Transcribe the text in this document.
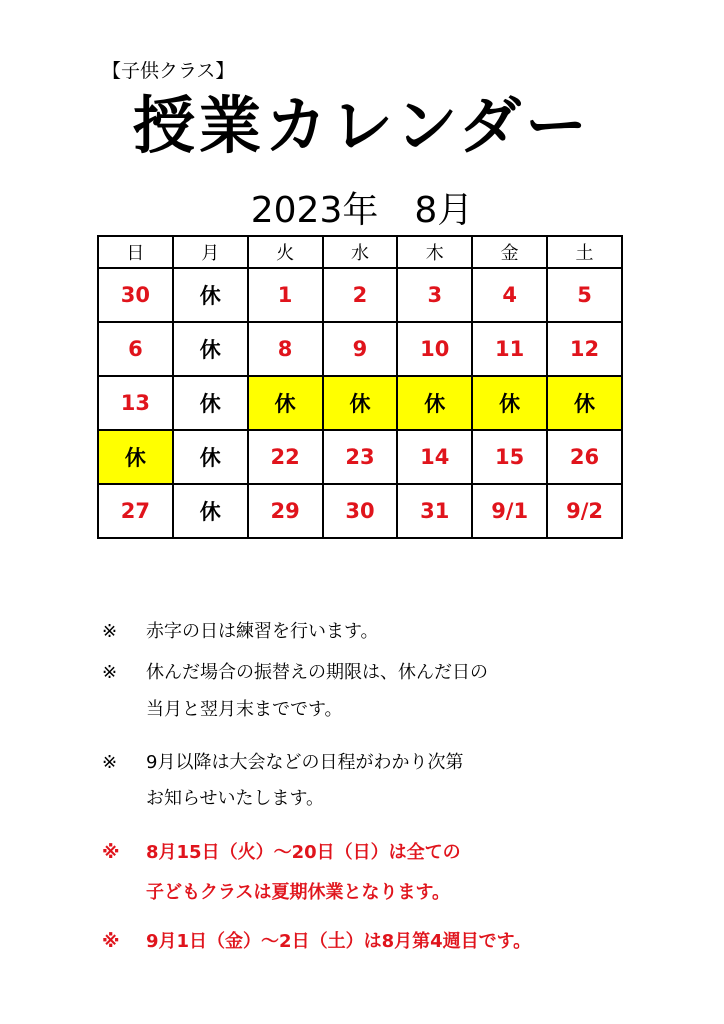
【子供クラス】
授業カレンダー
2023年　8月
日	月	火	水	木	金	土
30	休	1	2	3	4	5
6	休	8	9	10	11	12
13	休	休	休	休	休	休
休	休	22	23	14	15	26
27	休	29	30	31	9/1	9/2
※ 赤字の日は練習を行います。
※ 休んだ場合の振替えの期限は、休んだ日の
当月と翌月末までです。
※ 9月以降は大会などの日程がわかり次第
お知らせいたします。
※ 8月15日（火）～20日（日）は全ての
子どもクラスは夏期休業となります。
※ 9月1日（金）～2日（土）は8月第4週目です。
